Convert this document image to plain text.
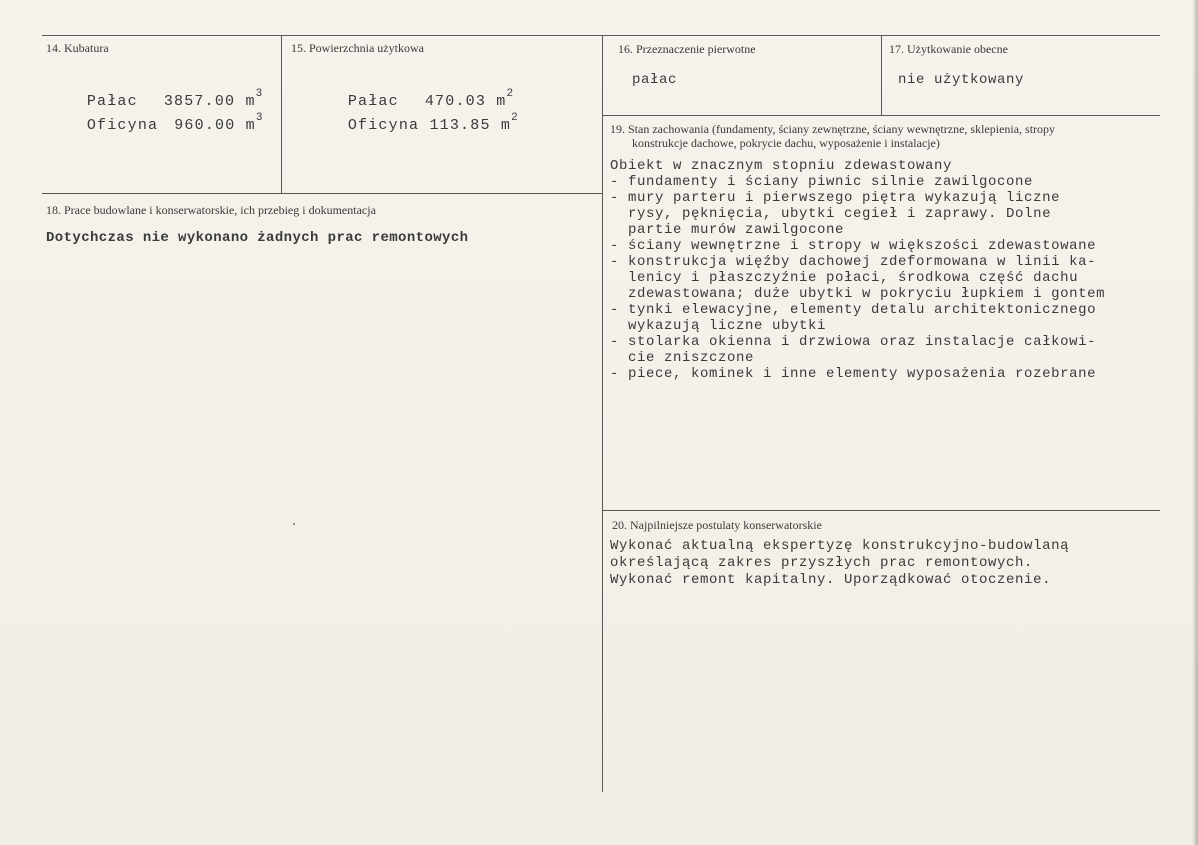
14. Kubatura

Pałac 3857.00 $m^3$

Oficyna 960.00 $m^3$

15. Powierzchnia użytkowa

Pałac 470.03 $m^2$

Oficyna 113.85 $m^2$

16. Przeznaczenie pierwotne
pałac
17. Użytkowanie obecne
nie użytkowany
18. Prace budowlane i konserwatorskie, ich przebieg i dokumentacja
Dotychczas nie wykonano żadnych prac remontowych
19. Stan zachowania (fundamenty, ściany zewnętrzne, ściany wewnętrzne, sklepienia, stropy
konstrukcje dachowe, pokrycie dachu, wyposażenie i instalacje)
Obiekt w znacznym stopniu zdewastowany
- fundamenty i ściany piwnic silnie zawilgocone
- mury parteru i pierwszego piętra wykazują liczne
rysy, pęknięcia, ubytki cegieł i zaprawy. Dolne
partie murów zawilgocone
- ściany wewnętrzne i stropy w większości zdewastowane
- konstrukcja więźby dachowej zdeformowana w linii ka-
lenicy i płaszczyźnie połaci, środkowa część dachu
zdewastowana; duże ubytki w pokryciu łupkiem i gontem
- tynki elewacyjne, elementy detalu architektonicznego
wykazują liczne ubytki
- stolarka okienna i drzwiowa oraz instalacje całkowi-
cie zniszczone
- piece, kominek i inne elementy wyposażenia rozebrane
20. Najpilniejsze postulaty konserwatorskie
Wykonać aktualną ekspertyzę konstrukcyjno-budowlaną
określającą zakres przyszłych prac remontowych.
Wykonać remont kapitalny. Uporządkować otoczenie.
